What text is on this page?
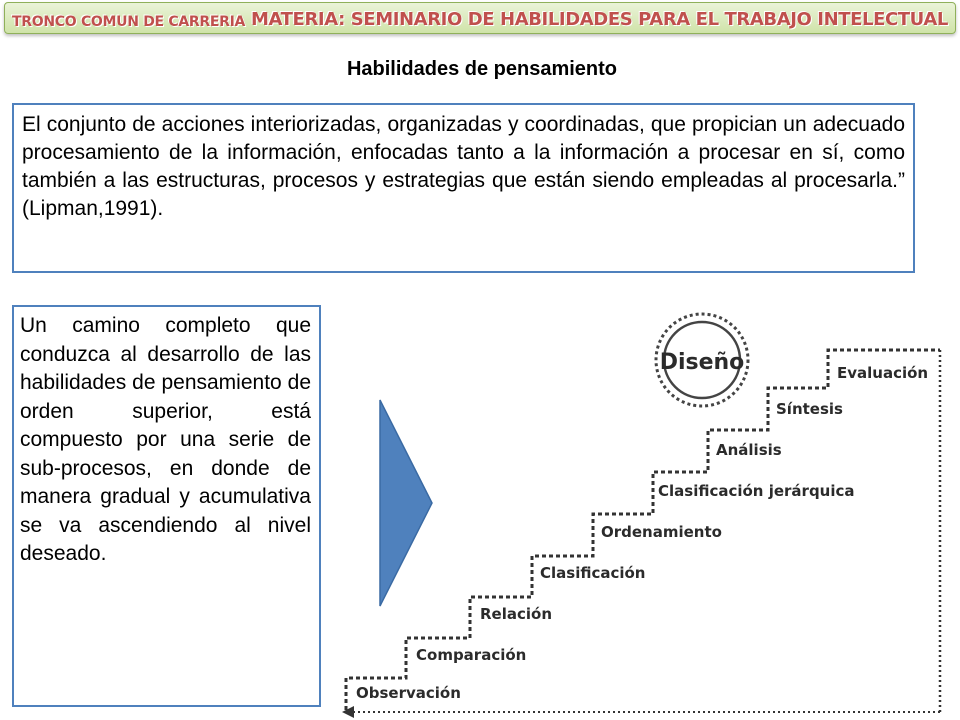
TRONCO COMUN DE CARRERIA MATERIA: SEMINARIO DE HABILIDADES PARA EL TRABAJO INTELECTUAL
Habilidades de pensamiento
El conjunto de acciones interiorizadas, organizadas y coordinadas, que propician un adecuado procesamiento de la información, enfocadas tanto a la información a procesar en sí, como también a las estructuras, procesos y estrategias que están siendo empleadas al procesarla.” (Lipman,1991).
Un camino completo que conduzca al desarrollo de las habilidades de pensamiento de orden superior, está compuesto por una serie de sub-procesos, en donde de manera gradual y acumulativa se va ascendiendo al nivel deseado.
Diseño
Observación
Comparación
Relación
Clasificación
Ordenamiento
Clasificación jerárquica
Análisis
Síntesis
Evaluación
